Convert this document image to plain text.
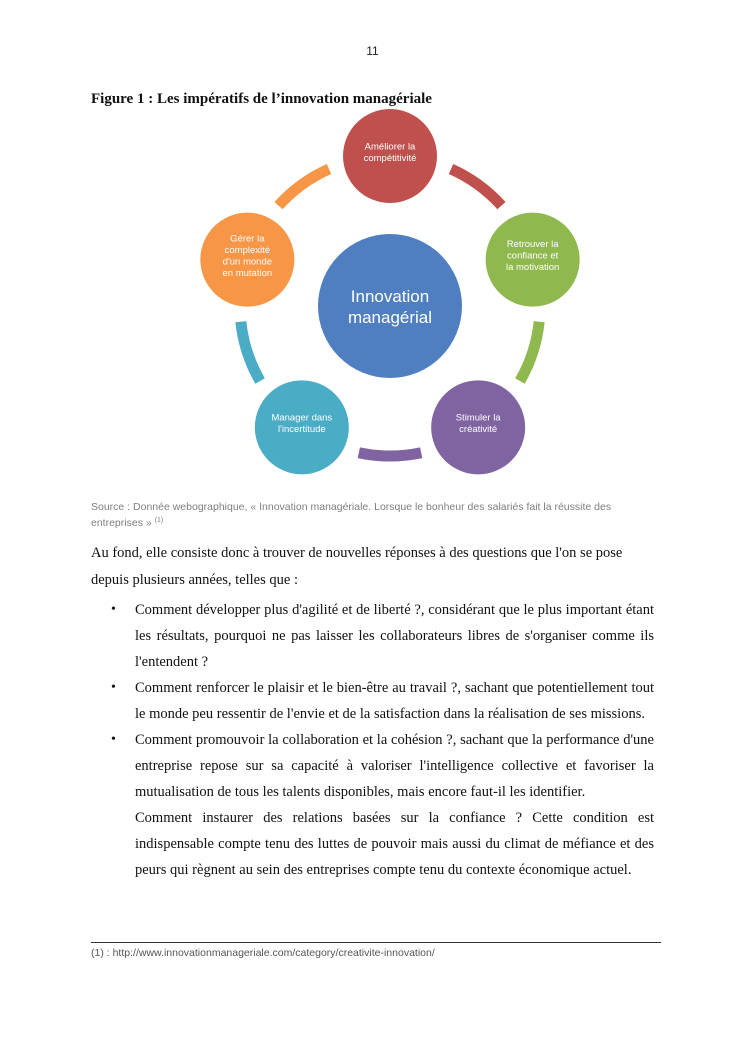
11
Figure 1 : Les impératifs de l’innovation managériale
Améliorer la compétitivité
Retrouver la confiance et la motivation
Stimuler la créativité
Manager dans l'incertitude
Gérer la complexité d'un monde en mutation
Innovation managérial
Source : Donnée webographique, « Innovation managériale. Lorsque le bonheur des salariés fait la réussite des entreprises » $^{(1)}$
Au fond, elle consiste donc à trouver de nouvelles réponses à des questions que l'on se pose depuis plusieurs années, telles que :
• Comment développer plus d'agilité et de liberté ?, considérant que le plus important étant les résultats, pourquoi ne pas laisser les collaborateurs libres de s'organiser comme ils l'entendent ?
• Comment renforcer le plaisir et le bien-être au travail ?, sachant que potentiellement tout le monde peu ressentir de l'envie et de la satisfaction dans la réalisation de ses missions.
• Comment promouvoir la collaboration et la cohésion ?, sachant que la performance d'une entreprise repose sur sa capacité à valoriser l'intelligence collective et favoriser la mutualisation de tous les talents disponibles, mais encore faut-il les identifier.
Comment instaurer des relations basées sur la confiance ? Cette condition est indispensable compte tenu des luttes de pouvoir mais aussi du climat de méfiance et des peurs qui règnent au sein des entreprises compte tenu du contexte économique actuel.
(1) : http://www.innovationmanageriale.com/category/creativite-innovation/
